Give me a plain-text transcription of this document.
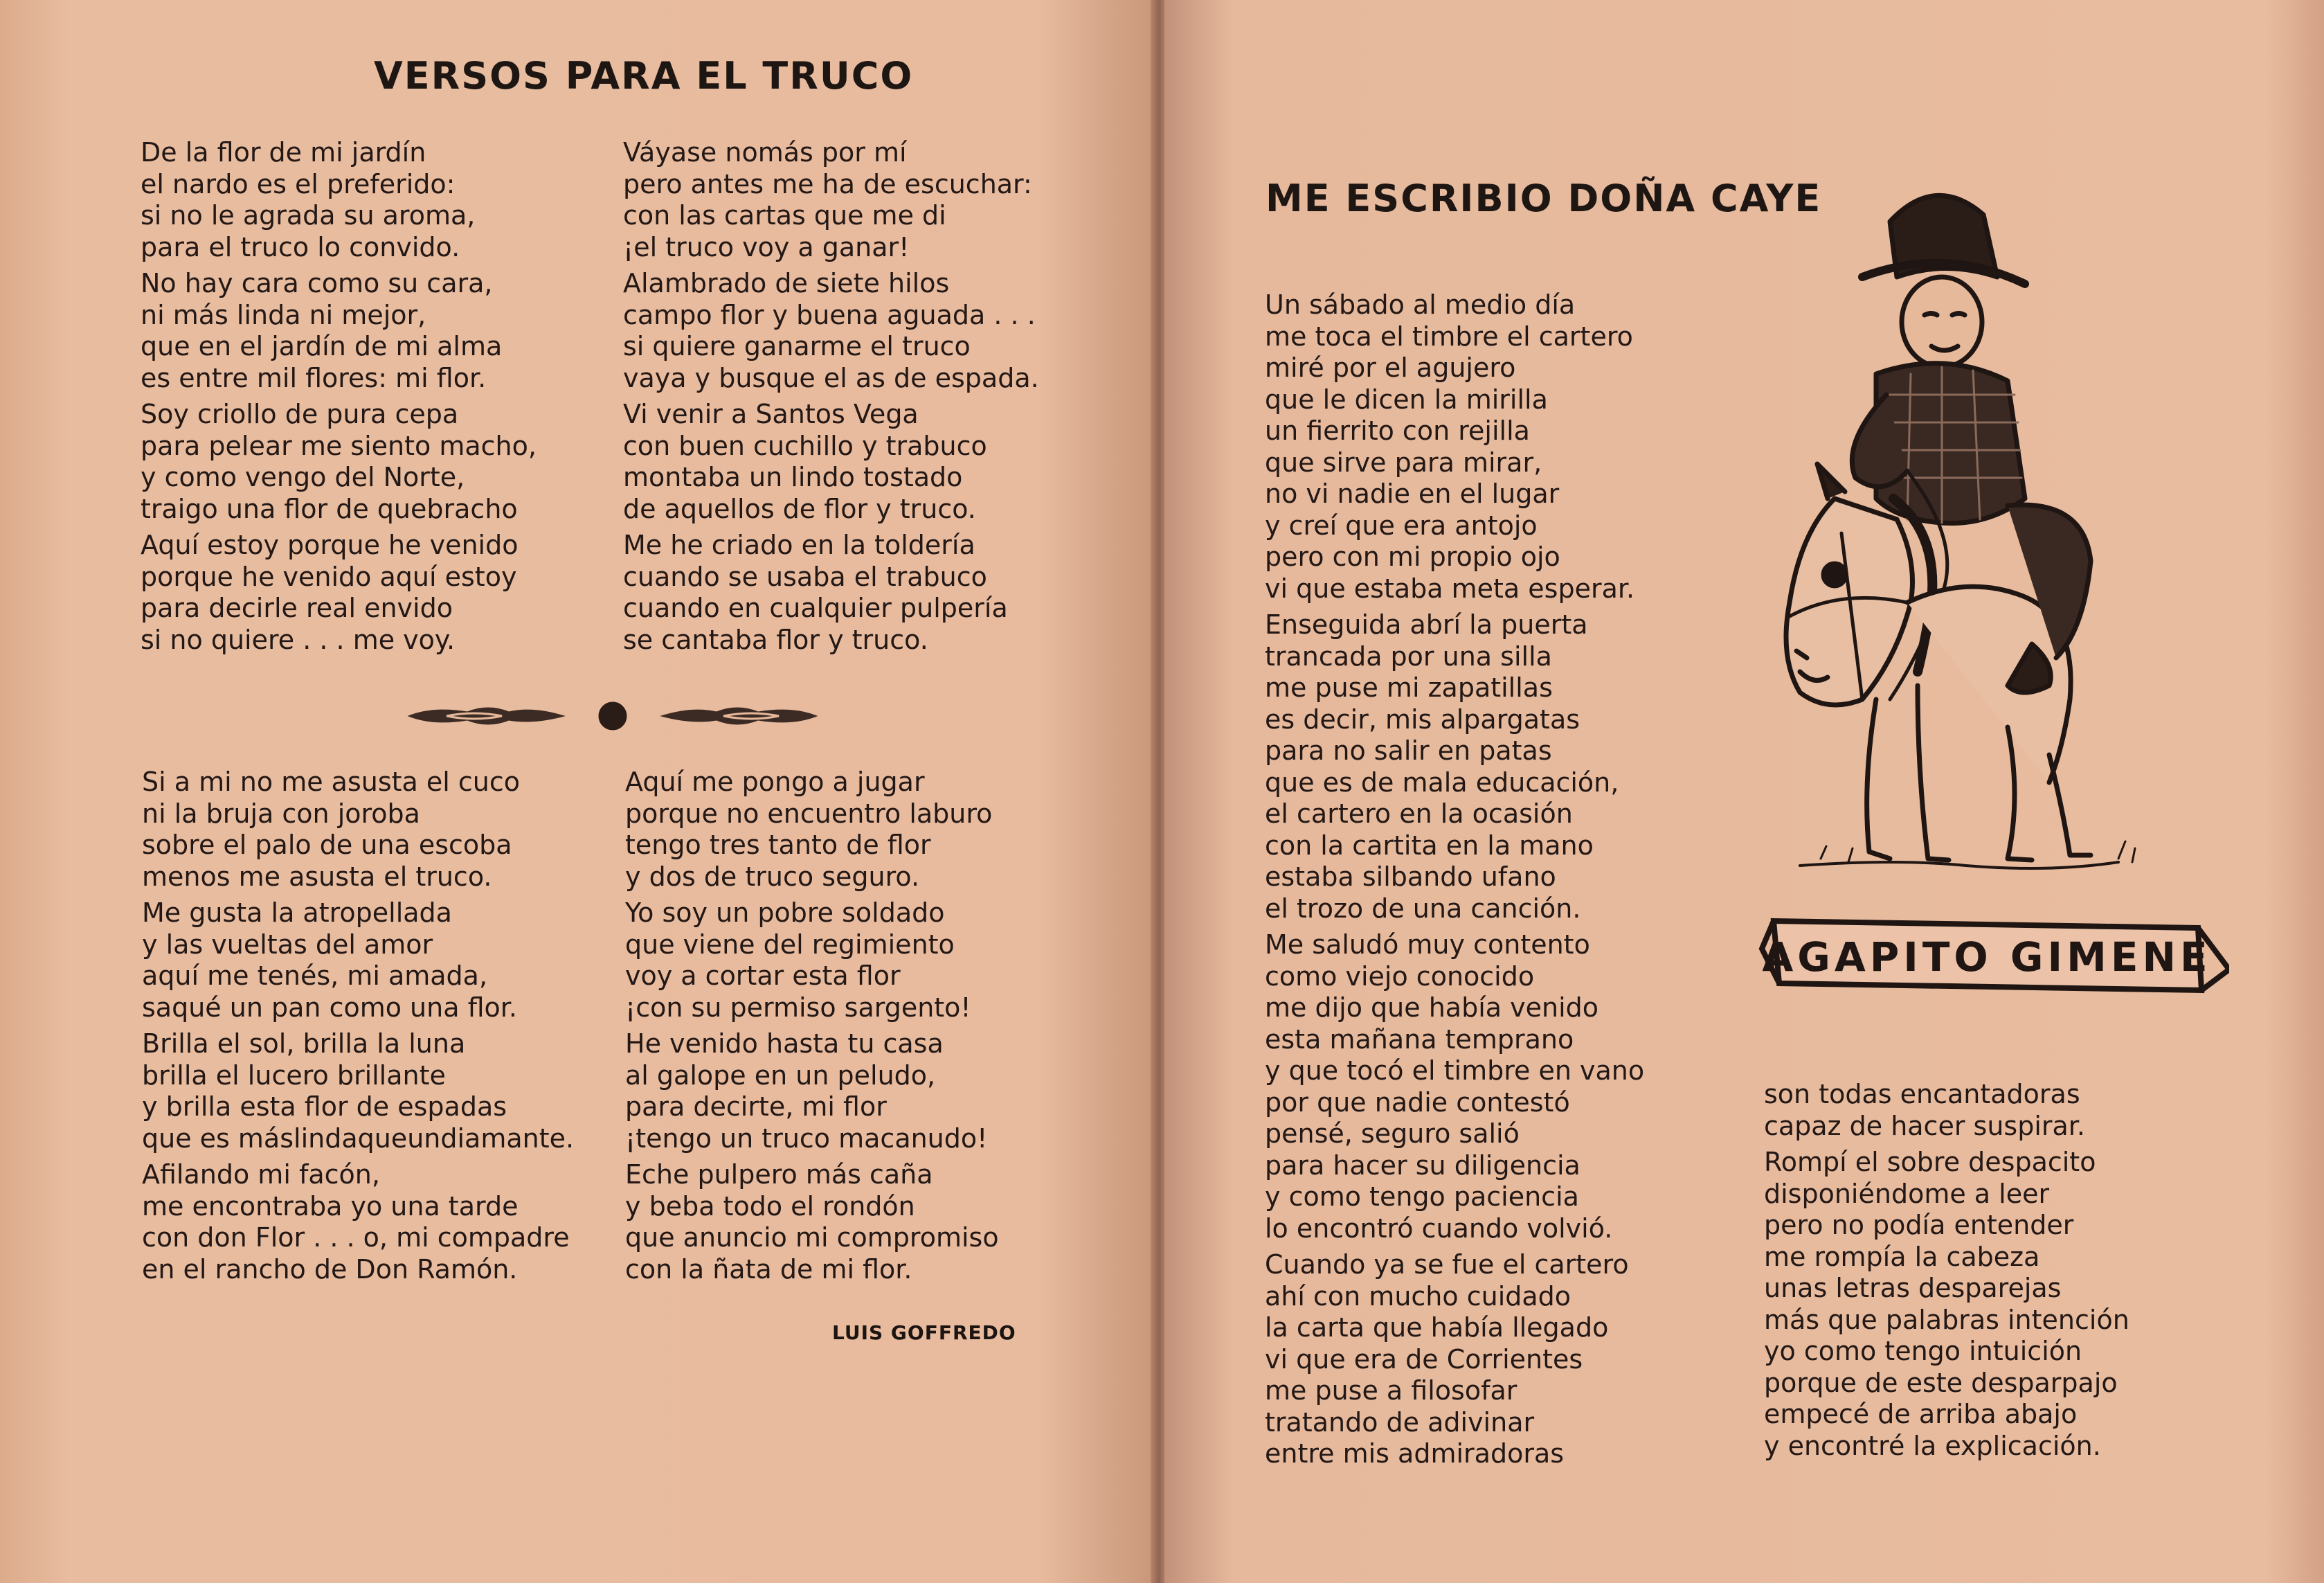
VERSOS PARA EL TRUCO
De la flor de mi jardín
el nardo es el preferido:
si no le agrada su aroma,
para el truco lo convido.
No hay cara como su cara,
ni más linda ni mejor,
que en el jardín de mi alma
es entre mil flores: mi flor.
Soy criollo de pura cepa
para pelear me siento macho,
y como vengo del Norte,
traigo una flor de quebracho
Aquí estoy porque he venido
porque he venido aquí estoy
para decirle real envido
si no quiere . . . me voy.
Váyase nomás por mí
pero antes me ha de escuchar:
con las cartas que me di
¡el truco voy a ganar!
Alambrado de siete hilos
campo flor y buena aguada . . .
si quiere ganarme el truco
vaya y busque el as de espada.
Vi venir a Santos Vega
con buen cuchillo y trabuco
montaba un lindo tostado
de aquellos de flor y truco.
Me he criado en la toldería
cuando se usaba el trabuco
cuando en cualquier pulpería
se cantaba flor y truco.
Si a mi no me asusta el cuco
ni la bruja con joroba
sobre el palo de una escoba
menos me asusta el truco.
Me gusta la atropellada
y las vueltas del amor
aquí me tenés, mi amada,
saqué un pan como una flor.
Brilla el sol, brilla la luna
brilla el lucero brillante
y brilla esta flor de espadas
que es máslindaqueundiamante.
Afilando mi facón,
me encontraba yo una tarde
con don Flor . . . o, mi compadre
en el rancho de Don Ramón.
Aquí me pongo a jugar
porque no encuentro laburo
tengo tres tanto de flor
y dos de truco seguro.
Yo soy un pobre soldado
que viene del regimiento
voy a cortar esta flor
¡con su permiso sargento!
He venido hasta tu casa
al galope en un peludo,
para decirte, mi flor
¡tengo un truco macanudo!
Eche pulpero más caña
y beba todo el rondón
que anuncio mi compromiso
con la ñata de mi flor.
LUIS GOFFREDO
ME ESCRIBIO DOÑA CAYE
Un sábado al medio día
me toca el timbre el cartero
miré por el agujero
que le dicen la mirilla
un fierrito con rejilla
que sirve para mirar,
no vi nadie en el lugar
y creí que era antojo
pero con mi propio ojo
vi que estaba meta esperar.
Enseguida abrí la puerta
trancada por una silla
me puse mi zapatillas
es decir, mis alpargatas
para no salir en patas
que es de mala educación,
el cartero en la ocasión
con la cartita en la mano
estaba silbando ufano
el trozo de una canción.
Me saludó muy contento
como viejo conocido
me dijo que había venido
esta mañana temprano
y que tocó el timbre en vano
por que nadie contestó
pensé, seguro salió
para hacer su diligencia
y como tengo paciencia
lo encontró cuando volvió.
Cuando ya se fue el cartero
ahí con mucho cuidado
la carta que había llegado
vi que era de Corrientes
me puse a filosofar
tratando de adivinar
entre mis admiradoras
son todas encantadoras
capaz de hacer suspirar.
Rompí el sobre despacito
disponiéndome a leer
pero no podía entender
me rompía la cabeza
unas letras desparejas
más que palabras intención
yo como tengo intuición
porque de este desparpajo
empecé de arriba abajo
y encontré la explicación.
AGAPITO GIMENE
